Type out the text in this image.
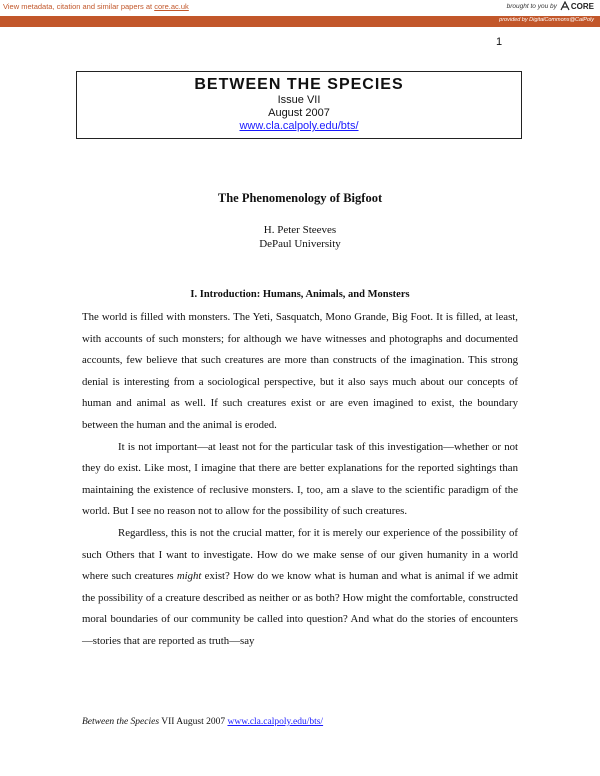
View metadata, citation and similar papers at core.ac.uk	brought to you by CORE
provided by DigitalCommons@CalPoly
1
BETWEEN THE SPECIES
Issue VII
August 2007
www.cla.calpoly.edu/bts/
The Phenomenology of Bigfoot
H. Peter Steeves
DePaul University
I. Introduction: Humans, Animals, and Monsters

The world is filled with monsters. The Yeti, Sasquatch, Mono Grande, Big Foot. It is filled, at least, with accounts of such monsters; for although we have witnesses and photographs and documented accounts, few believe that such creatures are more than constructs of the imagination. This strong denial is interesting from a sociological perspective, but it also says much about our concepts of human and animal as well. If such creatures exist or are even imagined to exist, the boundary between the human and the animal is eroded.

It is not important—at least not for the particular task of this investigation—whether or not they do exist. Like most, I imagine that there are better explanations for the reported sightings than maintaining the existence of reclusive monsters. I, too, am a slave to the scientific paradigm of the world. But I see no reason not to allow for the possibility of such creatures.

Regardless, this is not the crucial matter, for it is merely our experience of the possibility of such Others that I want to investigate. How do we make sense of our given humanity in a world where such creatures might exist? How do we know what is human and what is animal if we admit the possibility of a creature described as neither or as both? How might the comfortable, constructed moral boundaries of our community be called into question? And what do the stories of encounters—stories that are reported as truth—say

Between the Species VII August 2007 www.cla.calpoly.edu/bts/
